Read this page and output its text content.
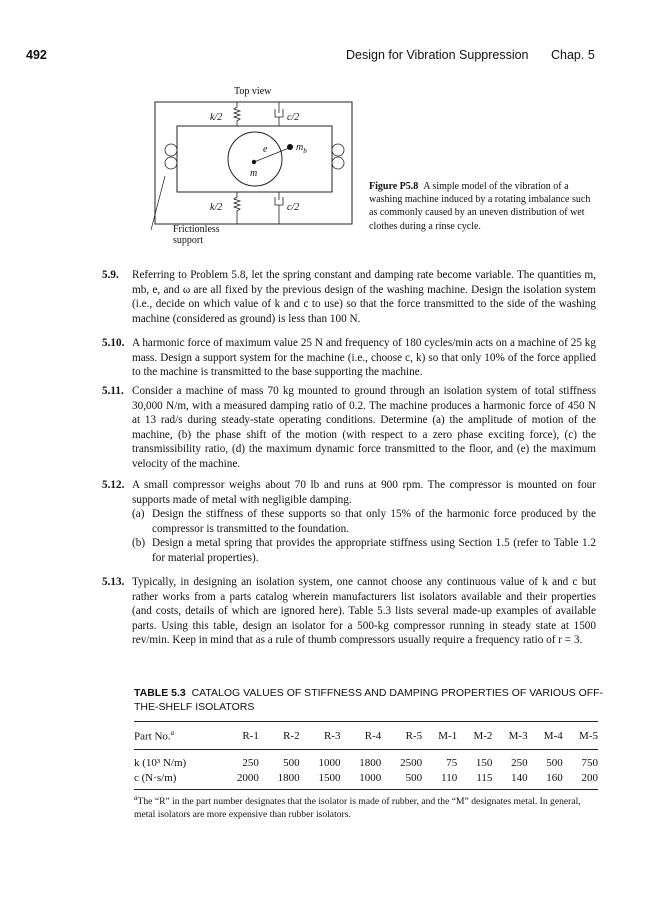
492	Design for Vibration Suppression Chap. 5
Top view
k/2	c/2
k/2	c/2
e	$m_b$
m
Frictionless
support
Figure P5.8 A simple model of the vibration of a washing machine induced by a rotating imbalance such as commonly caused by an uneven distribution of wet clothes during a rinse cycle.
5.9. Referring to Problem 5.8, let the spring constant and damping rate become variable. The quantities m, mb, e, and ω are all fixed by the previous design of the washing machine. Design the isolation system (i.e., decide on which value of k and c to use) so that the force transmitted to the side of the washing machine (considered as ground) is less than 100 N.
5.10. A harmonic force of maximum value 25 N and frequency of 180 cycles/min acts on a machine of 25 kg mass. Design a support system for the machine (i.e., choose c, k) so that only 10% of the force applied to the machine is transmitted to the base supporting the machine.
5.11. Consider a machine of mass 70 kg mounted to ground through an isolation system of total stiffness 30,000 N/m, with a measured damping ratio of 0.2. The machine produces a harmonic force of 450 N at 13 rad/s during steady-state operating conditions. Determine (a) the amplitude of motion of the machine, (b) the phase shift of the motion (with respect to a zero phase exciting force), (c) the transmissibility ratio, (d) the maximum dynamic force transmitted to the floor, and (e) the maximum velocity of the machine.
5.12. A small compressor weighs about 70 lb and runs at 900 rpm. The compressor is mounted on four supports made of metal with negligible damping.
(a) Design the stiffness of these supports so that only 15% of the harmonic force produced by the compressor is transmitted to the foundation.
(b) Design a metal spring that provides the appropriate stiffness using Section 1.5 (refer to Table 1.2 for material properties).
5.13. Typically, in designing an isolation system, one cannot choose any continuous value of k and c but rather works from a parts catalog wherein manufacturers list isolators available and their properties (and costs, details of which are ignored here). Table 5.3 lists several made-up examples of available parts. Using this table, design an isolator for a 500-kg compressor running in steady state at 1500 rev/min. Keep in mind that as a rule of thumb compressors usually require a frequency ratio of r = 3.
TABLE 5.3 CATALOG VALUES OF STIFFNESS AND DAMPING PROPERTIES OF VARIOUS OFF-THE-SHELF ISOLATORS
Part No.$^a$	R-1	R-2	R-3	R-4	R-5	M-1	M-2	M-3	M-4	M-5
k (10³ N/m)	250	500	1000	1800	2500	75	150	250	500	750
c (N·s/m)	2000	1800	1500	1000	500	110	115	140	160	200
$^a$The “R” in the part number designates that the isolator is made of rubber, and the “M” designates metal. In general, metal isolators are more expensive than rubber isolators.
